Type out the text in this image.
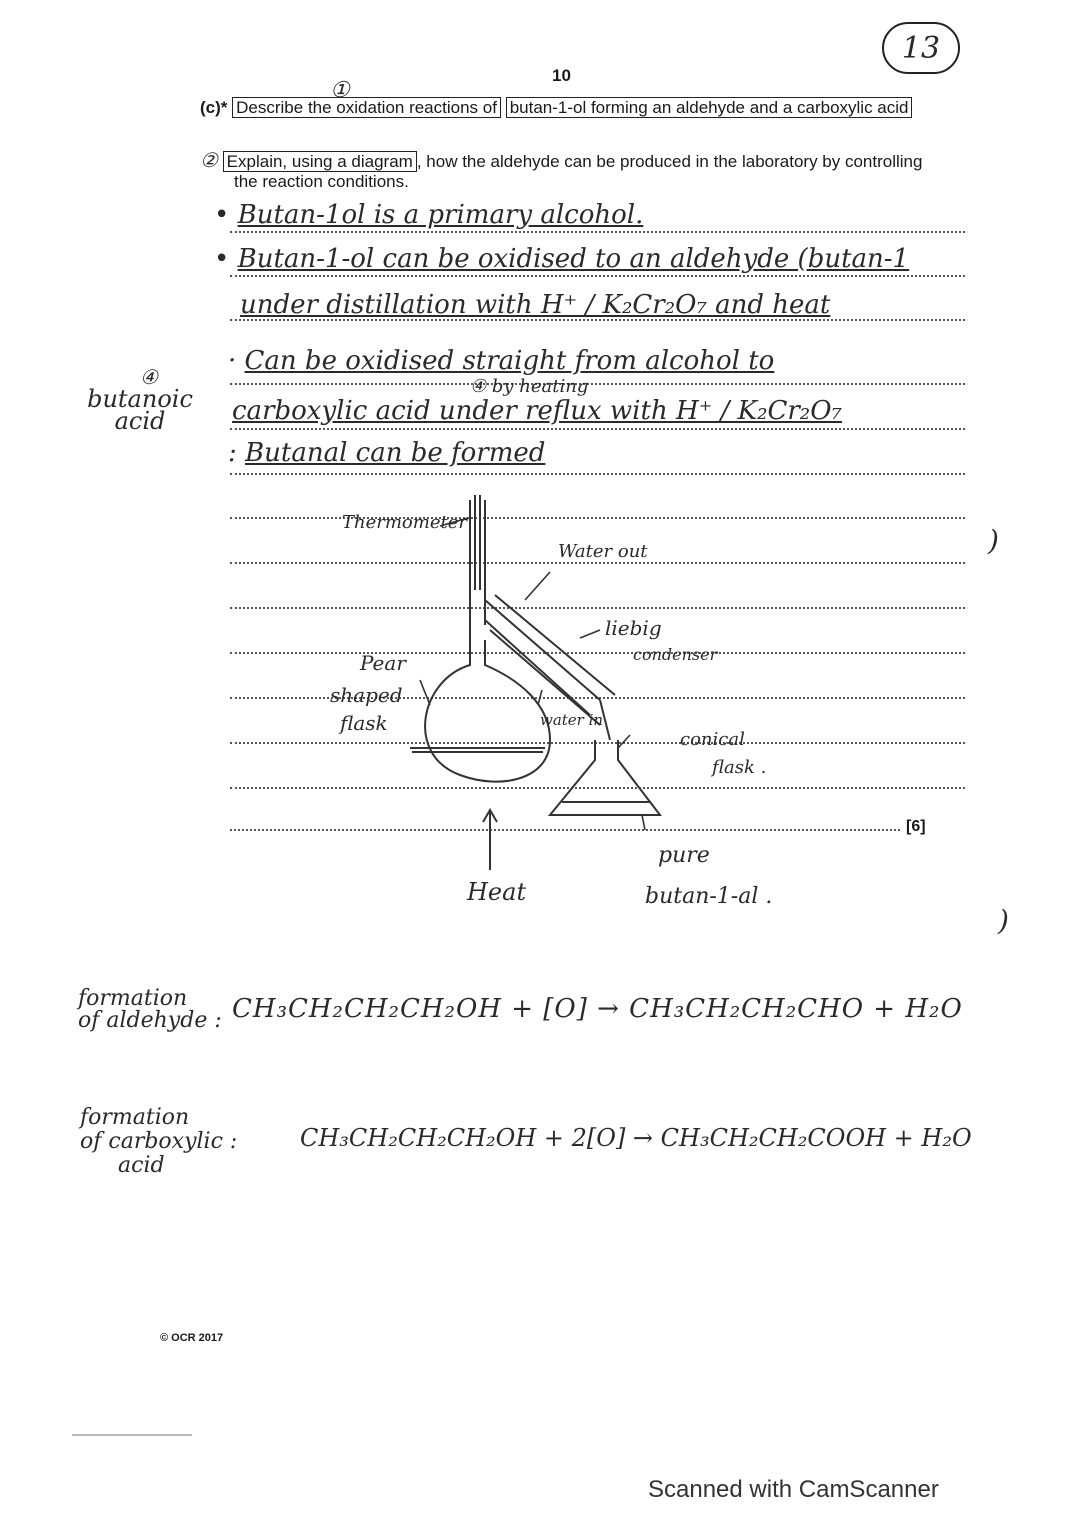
13
①
10
(c)* Describe the oxidation reactions of butan-1-ol forming an aldehyde and a carboxylic acid
② Explain, using a diagram , how the aldehyde can be produced in the laboratory by controlling
the reaction conditions.
[6]
• Butan-1ol is a primary alcohol.
• Butan-1-ol can be oxidised to an aldehyde (butan-1
under distillation with H⁺ / K₂Cr₂O₇ and heat
· Can be oxidised straight from alcohol to
④ by heating
carboxylic acid under reflux with H⁺ / K₂Cr₂O₇
: Butanal can be formed
④
butanoic acid
Thermometer
Water out
liebig
condenser
Pear
shaped
flask	water in
conical
flask .
pure
butan-1-al .
Heat
)
)
formation
of aldehyde : CH₃CH₂CH₂CH₂OH + [O] → CH₃CH₂CH₂CHO + H₂O
formation
of carboxylic :
acid
CH₃CH₂CH₂CH₂OH + 2[O] → CH₃CH₂CH₂COOH + H₂O
© OCR 2017
Scanned with CamScanner
